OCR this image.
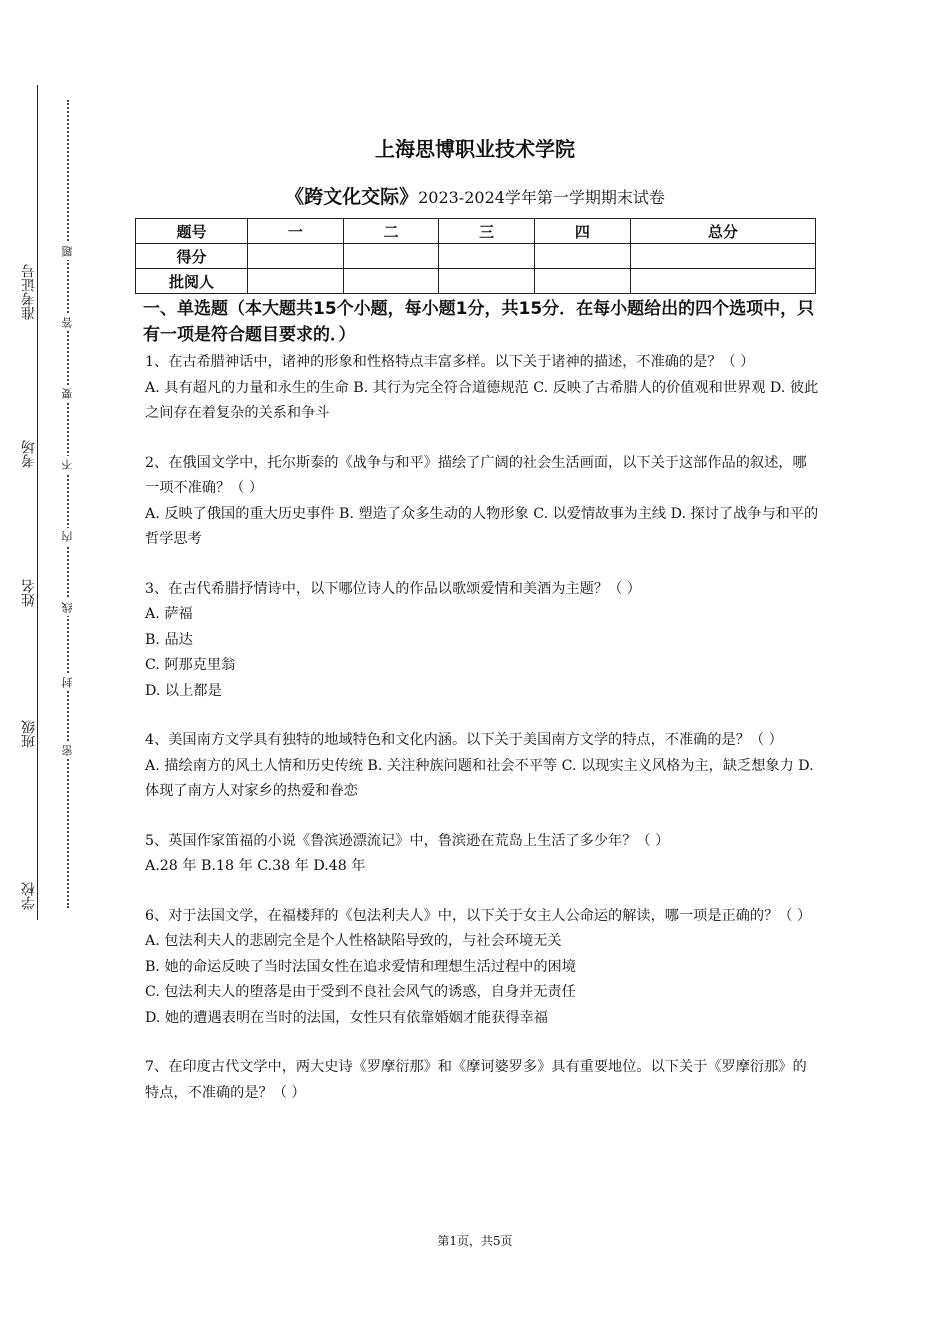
学校
班级
姓名
考场
准考证号
密
封
线
内
不
要
答
题
上海思博职业技术学院
《跨文化交际》2023-2024学年第一学期期末试卷
题号	一	二	三	四	总分
得分					
批阅人					
一、单选题（本大题共15个小题，每小题1分，共15分．在每小题给出的四个选项中，只有一项是符合题目要求的．）

1、在古希腊神话中，诸神的形象和性格特点丰富多样。以下关于诸神的描述，不准确的是？（ ）

A. 具有超凡的力量和永生的生命 B. 其行为完全符合道德规范 C. 反映了古希腊人的价值观和世界观 D. 彼此之间存在着复杂的关系和争斗

2、在俄国文学中，托尔斯泰的《战争与和平》描绘了广阔的社会生活画面，以下关于这部作品的叙述，哪一项不准确？（ ）

A. 反映了俄国的重大历史事件 B. 塑造了众多生动的人物形象 C. 以爱情故事为主线 D. 探讨了战争与和平的哲学思考

3、在古代希腊抒情诗中，以下哪位诗人的作品以歌颂爱情和美酒为主题？（ ）

A. 萨福

B. 品达

C. 阿那克里翁

D. 以上都是

4、美国南方文学具有独特的地域特色和文化内涵。以下关于美国南方文学的特点，不准确的是？（ ）

A. 描绘南方的风土人情和历史传统 B. 关注种族问题和社会不平等 C. 以现实主义风格为主，缺乏想象力 D. 体现了南方人对家乡的热爱和眷恋

5、英国作家笛福的小说《鲁滨逊漂流记》中，鲁滨逊在荒岛上生活了多少年？（ ）

A.28 年 B.18 年 C.38 年 D.48 年

6、对于法国文学，在福楼拜的《包法利夫人》中，以下关于女主人公命运的解读，哪一项是正确的？（ ）

A. 包法利夫人的悲剧完全是个人性格缺陷导致的，与社会环境无关

B. 她的命运反映了当时法国女性在追求爱情和理想生活过程中的困境

C. 包法利夫人的堕落是由于受到不良社会风气的诱惑，自身并无责任

D. 她的遭遇表明在当时的法国，女性只有依靠婚姻才能获得幸福

7、在印度古代文学中，两大史诗《罗摩衍那》和《摩诃婆罗多》具有重要地位。以下关于《罗摩衍那》的特点，不准确的是？（ ）

第1页，共5页
